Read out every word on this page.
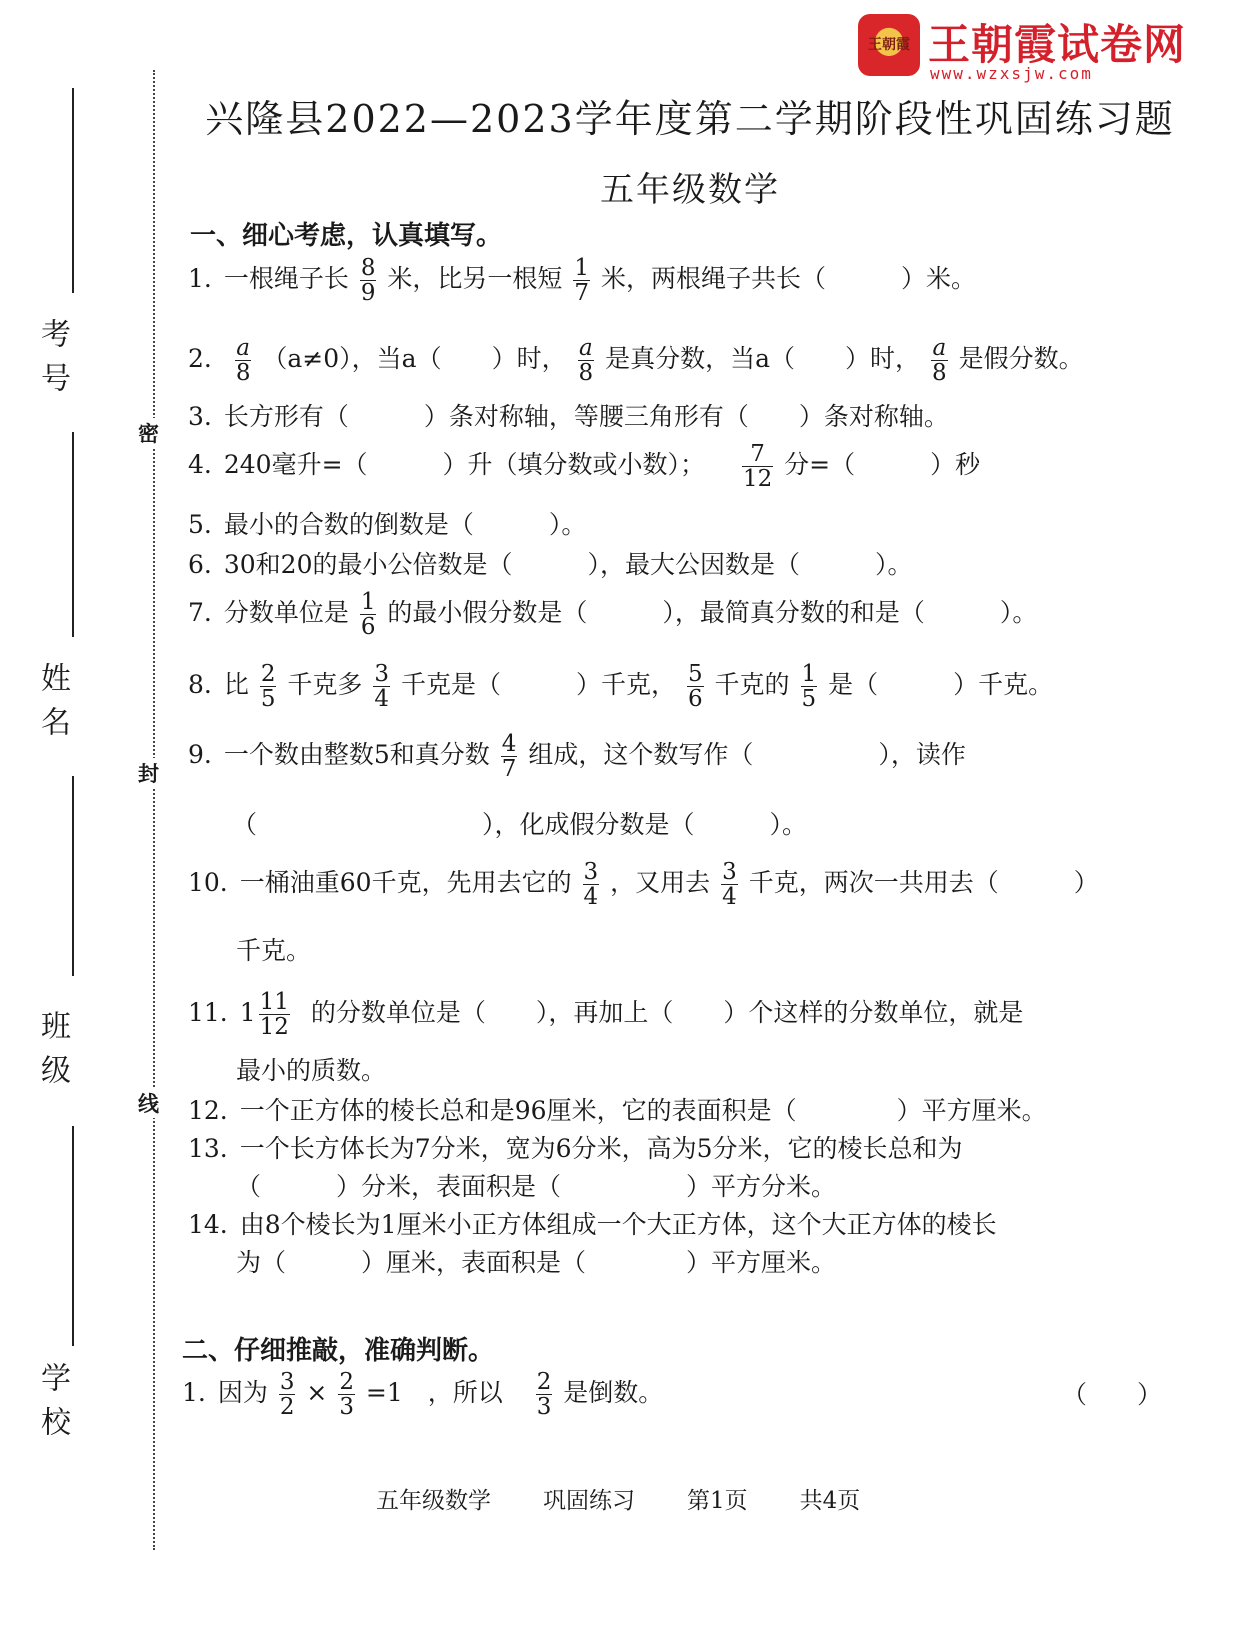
王朝霞 王朝霞试卷网
www.wzxsjw.com
考号
姓名
班级
学校
密
封
线
兴隆县2022—2023学年度第二学期阶段性巩固练习题
五年级数学
一、细心考虑，认真填写。
1. 一根绳子长 $\frac{8}{9}$ 米，比另一根短 $\frac{1}{7}$ 米，两根绳子共长（　　　）米。
2. $\frac{a}{8} (a\ne 0)$，当a（　　）时， $\frac{a}{8}$ 是真分数，当a（　　）时， $\frac{a}{8}$ 是假分数。
3. 长方形有（　　　）条对称轴，等腰三角形有（　　）条对称轴。
4. 240毫升=（　　　）升（填分数或小数）； $\frac{7}{12}$ 分=（　　　）秒
5. 最小的合数的倒数是（　　　）。
6. 30和20的最小公倍数是（　　　），最大公因数是（　　　）。
7. 分数单位是 $\frac{1}{6}$ 的最小假分数是（　　　），最简真分数的和是（　　　）。
8. 比 $\frac{2}{5}$ 千克多 $\frac{3}{4}$ 千克是（　　　）千克， $\frac{5}{6}$ 千克的 $\frac{1}{5}$ 是（　　　）千克。
9. 一个数由整数5和真分数 $\frac{4}{7}$ 组成，这个数写作（　　　　　），读作
（　　　　　　　　　），化成假分数是（　　　）。
10. 一桶油重60千克，先用去它的 $\frac{3}{4}$ ，又用去 $\frac{3}{4}$ 千克，两次一共用去（　　　）
千克。
11. $1 \frac{11}{12}$ 的分数单位是（　　），再加上（　　）个这样的分数单位，就是
最小的质数。
12. 一个正方体的棱长总和是96厘米，它的表面积是（　　　　）平方厘米。
13. 一个长方体长为7分米，宽为6分米，高为5分米，它的棱长总和为
（　　　）分米，表面积是（　　　　　）平方分米。
14. 由8个棱长为1厘米小正方体组成一个大正方体，这个大正方体的棱长
为（　　　）厘米，表面积是（　　　　）平方厘米。
二、仔细推敲，准确判断。
1. 因为 $\frac{3}{2} \times \frac{2}{3} =1$　，所以 $\frac{2}{3}$ 是倒数。	（　　）
五年级数学 巩固练习 第1页 共4页
